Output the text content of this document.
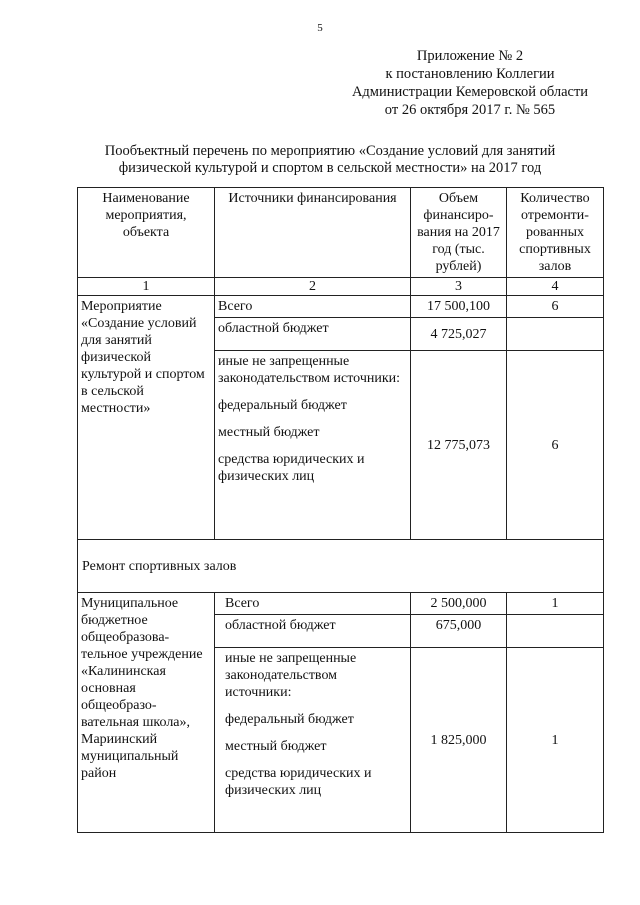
5
Приложение № 2
к постановлению Коллегии
Администрации Кемеровской области
от 26 октября 2017 г. № 565
Пообъектный перечень по мероприятию «Создание условий для занятий
физической культурой и спортом в сельской местности» на 2017 год
Наименование мероприятия, объекта	Источники финансирования	Объем финансиро-вания на 2017 год (тыс. рублей)	Количество отремонти-рованных спортивных залов
1	2	3	4
Мероприятие «Создание условий для занятий физической культурой и спортом в сельской местности»	Всего	17 500,100	6
	областной бюджет	4 725,027	

	иные не запрещенные законодательством источники:
федеральный бюджет
местный бюджет
средства юридических и физических лиц	12 775,073	6
Ремонт спортивных залов			
Муниципальное бюджетное общеобразова-тельное учреждение «Калининская основная общеобразо-вательная школа», Мариинский муниципальный район	Всего	2 500,000	1
	областной бюджет	675,000	

	иные не запрещенные законодательством источники:
федеральный бюджет
местный бюджет
средства юридических и физических лиц	1 825,000	1
